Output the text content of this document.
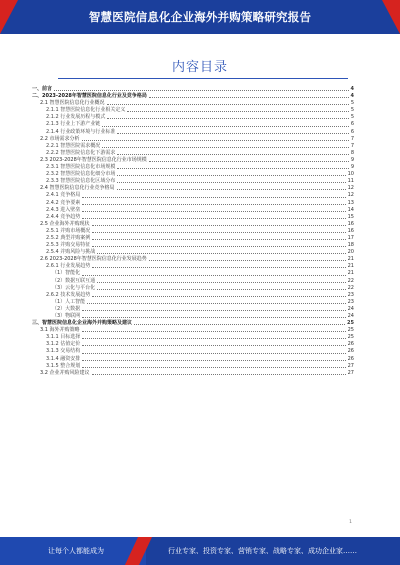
智慧医院信息化企业海外并购策略研究报告
内容目录
一、前言	4
二、2023-2028年智慧医院信息化行业及竞争格局	4
2.1 智慧医院信息化行业概况	5
2.1.1 智慧医院信息化行业相关定义	5
2.1.2 行业发展历程与模式	5
2.1.3 行业上下游产业链	6
2.1.4 行业政策环境与行业标准	6
2.2 市场需求分析	7
2.2.1 智慧医院需求概况	7
2.2.2 智慧医院信息化下游需求	8
2.3 2023-2028年智慧医院信息化行业市场规模	9
2.3.1 智慧医院信息化市场规模	9
2.3.2 智慧医院信息化细分市场	10
2.3.3 智慧医院信息化区域分布	11
2.4 智慧医院信息化行业竞争格局	12
2.4.1 竞争格局	12
2.4.2 竞争要素	13
2.4.3 进入壁垒	14
2.4.4 竞争趋势	15
2.5 企业海外并购现状	16
2.5.1 并购市场概况	16
2.5.2 典型并购案例	17
2.5.3 并购交易特征	18
2.5.4 并购风险与挑战	20
2.6 2023-2028年智慧医院信息化行业发展趋势	21
2.6.1 行业发展趋势	21
（1）智能化	21
（2）数据互联互通	22
（3）云化与平台化	22
2.6.2 技术发展趋势	23
（1）人工智能	23
（2）大数据	24
（3）物联网	24
三、智慧医院信息化企业海外并购策略及建议	25
3.1 海外并购策略	25
3.1.1 目标选择	25
3.1.2 估值定价	26
3.1.3 交易结构	26
3.1.4 融资安排	26
3.1.5 整合规划	27
3.2 企业并购风险建议	27
1
让每个人都能成为	行业专家、投资专家、营销专家、战略专家、成功企业家……
